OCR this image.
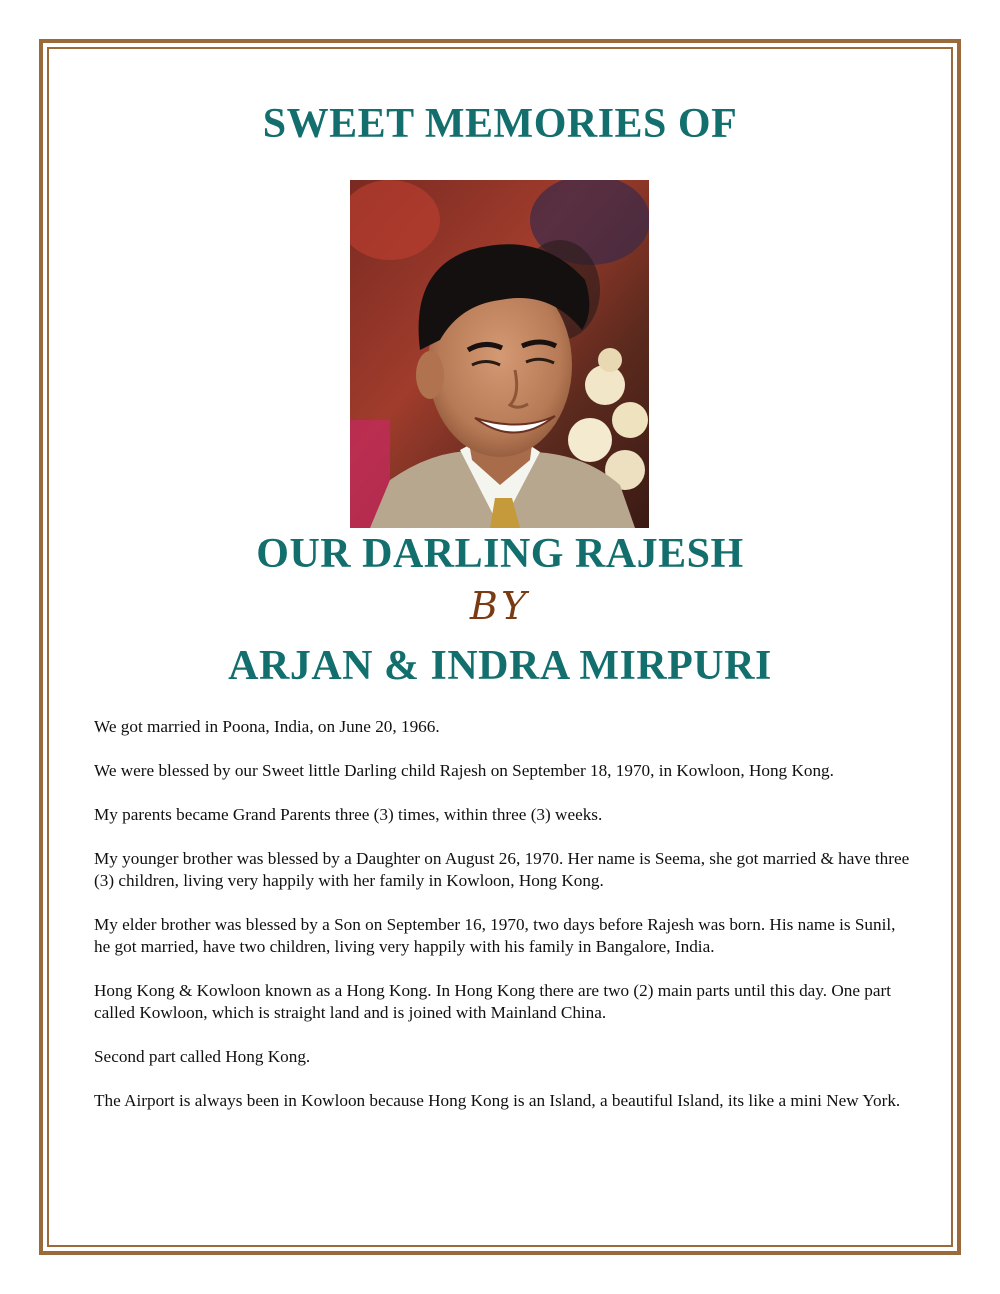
SWEET MEMORIES OF
OUR DARLING RAJESH
BY
ARJAN & INDRA MIRPURI

We got married in Poona, India, on June 20, 1966.

We were blessed by our Sweet little Darling child Rajesh on September 18, 1970, in Kowloon, Hong Kong.

My parents became Grand Parents three (3) times, within three (3) weeks.

My younger brother was blessed by a Daughter on August 26, 1970. Her name is Seema, she got married & have three (3) children, living very happily with her family in Kowloon, Hong Kong.

My elder brother was blessed by a Son on September 16, 1970, two days before Rajesh was born. His name is Sunil, he got married, have two children, living very happily with his family in Bangalore, India.

Hong Kong & Kowloon known as a Hong Kong. In Hong Kong there are two (2) main parts until this day. One part called Kowloon, which is straight land and is joined with Mainland China.

Second part called Hong Kong.

The Airport is always been in Kowloon because Hong Kong is an Island, a beautiful Island, its like a mini New York.
